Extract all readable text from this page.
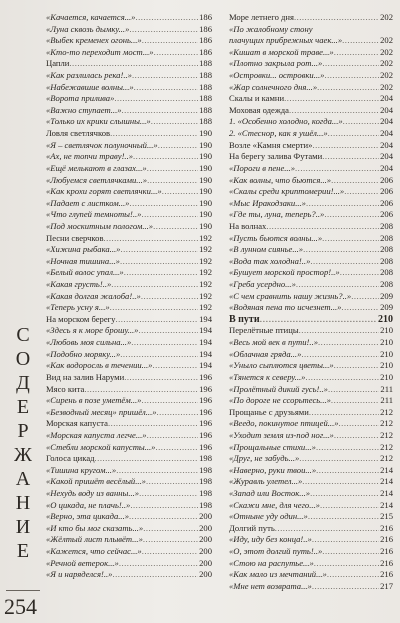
С
О
Д
Е
Р
Ж
А
Н
И
Е
254
«Качается, качается...» .....	186
«Луна сквозь дымку...» .....	186
«Выбек кременех огонь...» .....	186
«Кто-то переходит мост...» .....	186
Цапли .....	188
«Как разлилась река!..» .....	188
«Набежавшие волны...» .....	188
«Ворота прилива» .....	188
«Важно ступает...» .....	188
«Только их крики слышны...» .....	188
Ловля светлячков .....	190
«Я – светлячок полуночный...» .....	190
«Ах, не топчи траву!..» .....	190
«Ещё мелькают в глазах...» .....	190
«Любуемся светлячками...» .....	190
«Как крохи горят светлячки...» .....	190
«Падает с листком...» .....	190
«Что глупей темноты!..» .....	190
«Под москитным пологом...» .....	190
Песни сверчков .....	192
«Хижина рыбака...» .....	192
«Ночная тишина...» .....	192
«Белый волос упал...» .....	192
«Какая грусть!..» .....	192
«Какая долгая жалоба!..» .....	192
«Теперь усну я...» .....	192
На морском берегу .....	194
«Здесь я к море брошу...» .....	194
«Любовь моя сильна...» .....	194
«Подобно моряку...» .....	194
«Как водоросль в течении...» .....	194
Вид на залив Наруми .....	196
Мясо кита .....	196
«Сирень в позе уметём...» .....	196
«Безводный месяц» пришёл...» .....	196
Морская капуста .....	196
«Морская капуста легче...» .....	196
«Стебли морской капусты...» .....	196
Голоса цикад .....	198
«Тишина кругом...» .....	198
«Какой пришёт весёлый...» .....	198
«Нехудь воду из ванны...» .....	198
«О цикада, не плачь!..» .....	198
«Верно, эта цикада...» .....	200
«И кто бы мог сказать...» .....	200
«Жёлтый лист плывёт...» .....	200
«Кажется, что сейчас...» .....	200
«Речной ветерок...» .....	200
«Я и наряделся!..» .....	200
Море летнего дня .....	202
«По жалобному стону
плачущих прибрежных чаек...» .....	202
«Кишат в морской траве...» .....	202
«Плотно закрыла рот...» .....	202
«Островки... островки...» .....	202
«Жар солнечного дня...» .....	202
Скалы и камни .....	204
Моховая одежда .....	204
1. «Особенно холодно, когда...» .....	204
2. «Стеснор, как я ушёл...» .....	204
Возле «Камня смерти» .....	204
На берегу залива Футами .....	204
«Пороги в пене...» .....	204
«Как волны, что бьются...» .....	206
«Скалы среди криптомерии!...» .....	206
«Мыс Иракодзаки...» .....	206
«Где ты, луна, теперь?..» .....	206
На волнах .....	208
«Пусть бьются волны...» .....	208
«В лунном сиянье...» .....	208
«Вода так холодна!..» .....	208
«Бушует морской простор!..» .....	208
«Греба усердно...» .....	208
«С чем сравнить нашу жизнь?..» .....	209
«Водяная пена то исчезнет...» .....	209
В пути .....	210
Перелётные птицы .....	210
«Весь мой век в пути!..» .....	210
«Облачная гряда...» .....	210
«Уныло сыплются цветы...» .....	210
«Тянется к северу...» .....	210
«Пролётный дикий гусь!..» .....	211
«По дороге не ссорьтесь...» .....	211
Прощанье с друзьями .....	212
«Веедо, покинутое птицей...» .....	212
«Уходит земля из-под ног...» .....	212
«Прощальные стихи...» .....	212
«Друг, не забудь...» .....	212
«Наверно, руки твои...» .....	214
«Журавль улетел...» .....	214
«Запад или Восток...» .....	214
«Скажи мне, для чего...» .....	214
«Отныне уду один...» .....	215
Долгий путь .....	216
«Иду, иду без конца!..» .....	216
«О, этот долгий путь!..» .....	216
«Стою на распутье...» .....	216
«Как мало из мечтаний...» .....	216
«Мне нет возврата...» .....	217
